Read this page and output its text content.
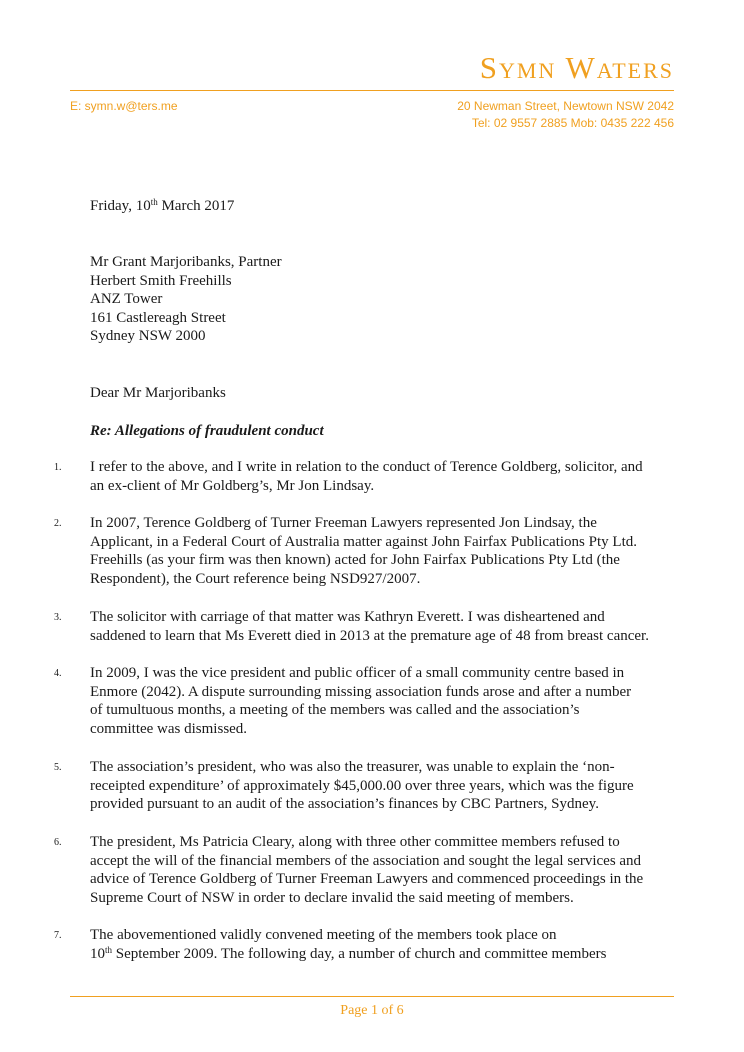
Symn Waters
E: symn.w@ters.me	20 Newman Street, Newtown NSW 2042
Tel: 02 9557 2885 Mob: 0435 222 456
Friday, 10th March 2017
Mr Grant Marjoribanks, Partner
Herbert Smith Freehills
ANZ Tower
161 Castlereagh Street
Sydney NSW 2000
Dear Mr Marjoribanks
Re: Allegations of fraudulent conduct
1. I refer to the above, and I write in relation to the conduct of Terence Goldberg, solicitor, and
an ex-client of Mr Goldberg’s, Mr Jon Lindsay.
2. In 2007, Terence Goldberg of Turner Freeman Lawyers represented Jon Lindsay, the
Applicant, in a Federal Court of Australia matter against John Fairfax Publications Pty Ltd.
Freehills (as your firm was then known) acted for John Fairfax Publications Pty Ltd (the
Respondent), the Court reference being NSD927/2007.
3. The solicitor with carriage of that matter was Kathryn Everett. I was disheartened and
saddened to learn that Ms Everett died in 2013 at the premature age of 48 from breast cancer.
4. In 2009, I was the vice president and public officer of a small community centre based in
Enmore (2042). A dispute surrounding missing association funds arose and after a number
of tumultuous months, a meeting of the members was called and the association’s
committee was dismissed.
5. The association’s president, who was also the treasurer, was unable to explain the ‘non-
receipted expenditure’ of approximately $45,000.00 over three years, which was the figure
provided pursuant to an audit of the association’s finances by CBC Partners, Sydney.
6. The president, Ms Patricia Cleary, along with three other committee members refused to
accept the will of the financial members of the association and sought the legal services and
advice of Terence Goldberg of Turner Freeman Lawyers and commenced proceedings in the
Supreme Court of NSW in order to declare invalid the said meeting of members.
7. The abovementioned validly convened meeting of the members took place on
10th September 2009. The following day, a number of church and committee members
Page 1 of 6
